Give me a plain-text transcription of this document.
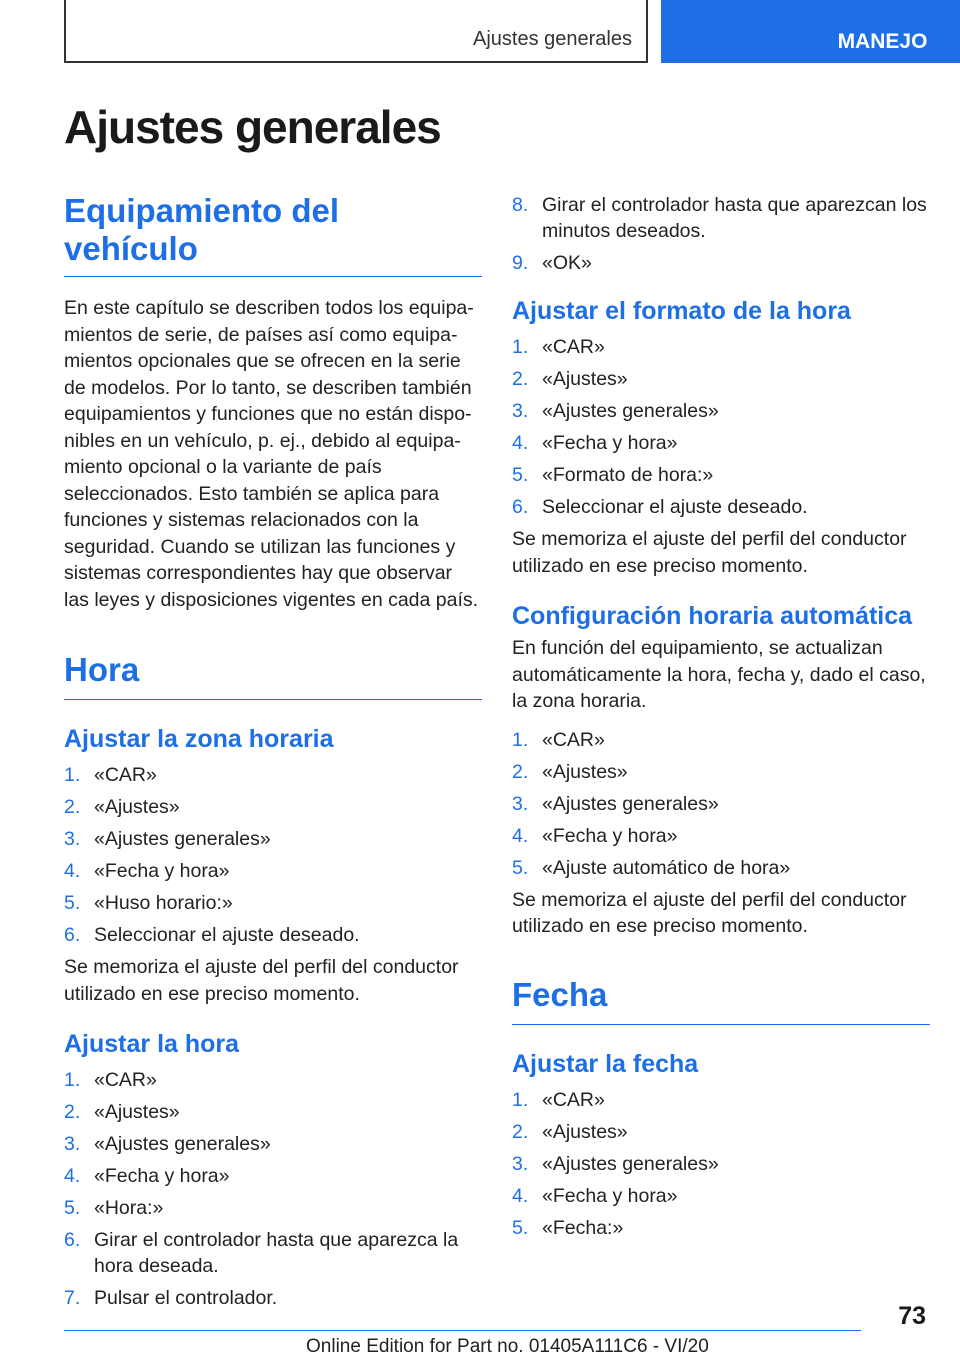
Ajustes generales	MANEJO
Ajustes generales
Equipamiento del vehículo

En este capítulo se describen todos los equipamientos de serie, de países así como equipamientos opcionales que se ofrecen en la serie de modelos. Por lo tanto, se describen también equipamientos y funciones que no están disponibles en un vehículo, p. ej., debido al equipamiento opcional o la variante de país seleccionados. Esto también se aplica para funciones y sistemas relacionados con la seguridad. Cuando se utilizan las funciones y sistemas correspondientes hay que observar las leyes y disposiciones vigentes en cada país.

Hora
Ajustar la zona horaria
1. «CAR»
2. «Ajustes»
3. «Ajustes generales»
4. «Fecha y hora»
5. «Huso horario:»
6. Seleccionar el ajuste deseado.

Se memoriza el ajuste del perfil del conductor utilizado en ese preciso momento.

Ajustar la hora
1. «CAR»
2. «Ajustes»
3. «Ajustes generales»
4. «Fecha y hora»
5. «Hora:»
6. Girar el controlador hasta que aparezca la hora deseada.
7. Pulsar el controlador.
8. Girar el controlador hasta que aparezcan los minutos deseados.
9. «OK»
Ajustar el formato de la hora
1. «CAR»
2. «Ajustes»
3. «Ajustes generales»
4. «Fecha y hora»
5. «Formato de hora:»
6. Seleccionar el ajuste deseado.

Se memoriza el ajuste del perfil del conductor utilizado en ese preciso momento.

Configuración horaria automática

En función del equipamiento, se actualizan automáticamente la hora, fecha y, dado el caso, la zona horaria.

1. «CAR»
2. «Ajustes»
3. «Ajustes generales»
4. «Fecha y hora»
5. «Ajuste automático de hora»

Se memoriza el ajuste del perfil del conductor utilizado en ese preciso momento.

Fecha
Ajustar la fecha
1. «CAR»
2. «Ajustes»
3. «Ajustes generales»
4. «Fecha y hora»
5. «Fecha:»
73
Online Edition for Part no. 01405A111C6 - VI/20
